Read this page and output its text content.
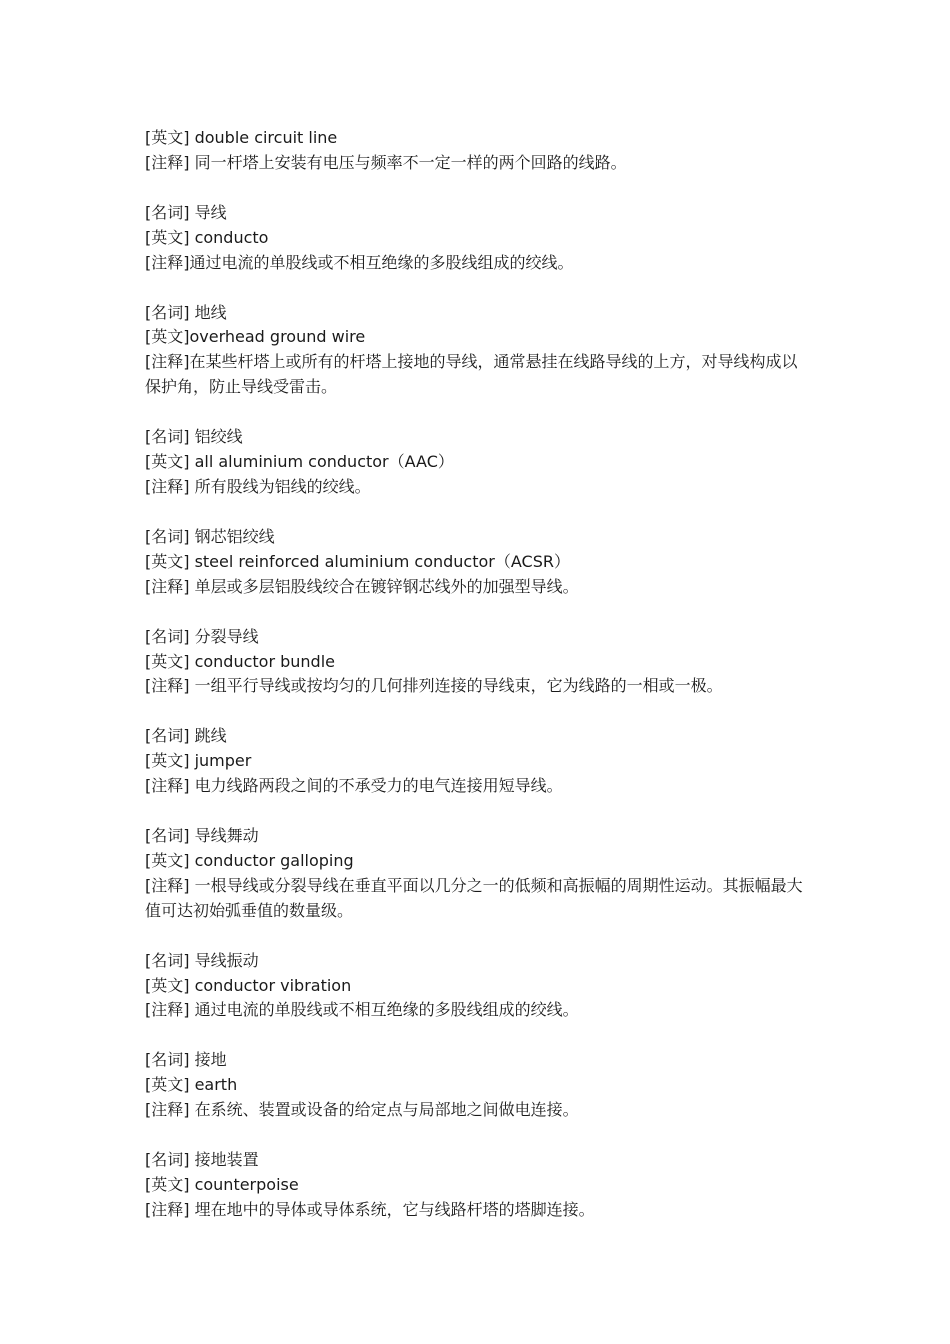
[英文] double circuit line
[注释] 同一杆塔上安装有电压与频率不一定一样的两个回路的线路。
[名词] 导线
[英文] conducto
[注释]通过电流的单股线或不相互绝缘的多股线组成的绞线。
[名词] 地线
[英文]overhead ground wire
[注释]在某些杆塔上或所有的杆塔上接地的导线，通常悬挂在线路导线的上方，对导线构成以保护角，防止导线受雷击。
[名词] 铝绞线
[英文] all aluminium conductor（AAC）
[注释] 所有股线为铝线的绞线。
[名词] 钢芯铝绞线
[英文] steel reinforced aluminium conductor（ACSR）
[注释] 单层或多层铝股线绞合在镀锌钢芯线外的加强型导线。
[名词] 分裂导线
[英文] conductor bundle
[注释] 一组平行导线或按均匀的几何排列连接的导线束，它为线路的一相或一极。
[名词] 跳线
[英文] jumper
[注释] 电力线路两段之间的不承受力的电气连接用短导线。
[名词] 导线舞动
[英文] conductor galloping
[注释] 一根导线或分裂导线在垂直平面以几分之一的低频和高振幅的周期性运动。其振幅最大值可达初始弧垂值的数量级。
[名词] 导线振动
[英文] conductor vibration
[注释] 通过电流的单股线或不相互绝缘的多股线组成的绞线。
[名词] 接地
[英文] earth
[注释] 在系统、装置或设备的给定点与局部地之间做电连接。
[名词] 接地装置
[英文] counterpoise
[注释] 埋在地中的导体或导体系统，它与线路杆塔的塔脚连接。
